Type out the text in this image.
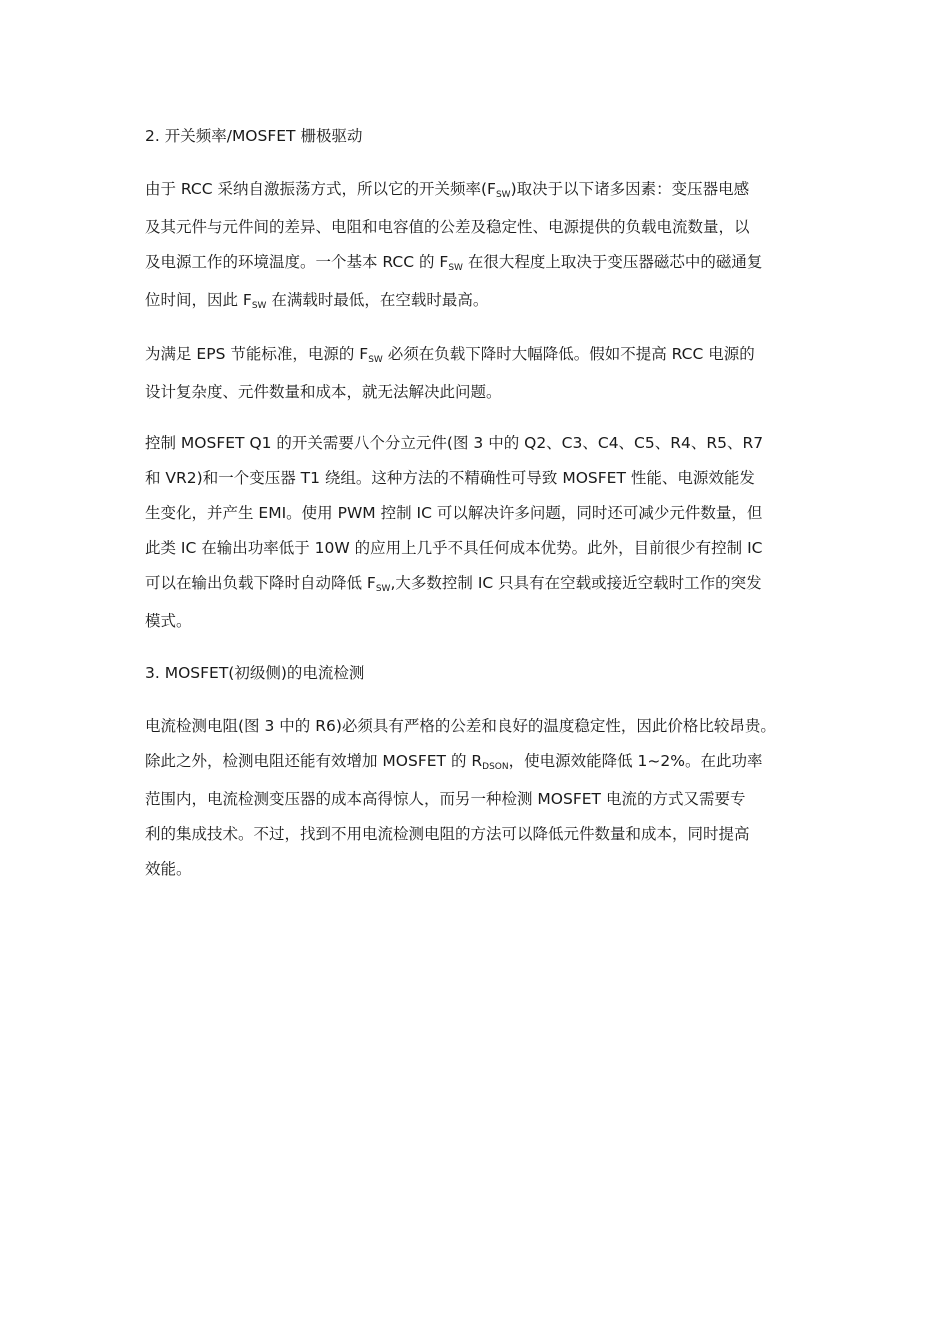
2. 开关频率/MOSFET 栅极驱动
由于 RCC 采纳自激振荡方式，所以它的开关频率$(F_{SW})$取决于以下诸多因素：变压器电感
及其元件与元件间的差异、电阻和电容值的公差及稳定性、电源提供的负载电流数量，以
及电源工作的环境温度。一个基本 RCC 的 $F_{SW}$ 在很大程度上取决于变压器磁芯中的磁通复
位时间，因此 $F_{SW}$ 在满载时最低，在空载时最高。
为满足 EPS 节能标准，电源的 $F_{SW}$ 必须在负载下降时大幅降低。假如不提高 RCC 电源的
设计复杂度、元件数量和成本，就无法解决此问题。
控制 MOSFET Q1 的开关需要八个分立元件(图 3 中的 Q2、C3、C4、C5、R4、R5、R7
和 VR2)和一个变压器 T1 绕组。这种方法的不精确性可导致 MOSFET 性能、电源效能发
生变化，并产生 EMI。使用 PWM 控制 IC 可以解决许多问题，同时还可减少元件数量，但
此类 IC 在输出功率低于 10W 的应用上几乎不具任何成本优势。此外，目前很少有控制 IC
可以在输出负载下降时自动降低 $F_{SW}$,大多数控制 IC 只具有在空载或接近空载时工作的突发
模式。
3. MOSFET(初级侧)的电流检测
电流检测电阻(图 3 中的 R6)必须具有严格的公差和良好的温度稳定性，因此价格比较昂贵。
除此之外，检测电阻还能有效增加 MOSFET 的 $R_{DSON}$，使电源效能降低 1~2%。在此功率
范围内，电流检测变压器的成本高得惊人，而另一种检测 MOSFET 电流的方式又需要专
利的集成技术。不过，找到不用电流检测电阻的方法可以降低元件数量和成本，同时提高
效能。
